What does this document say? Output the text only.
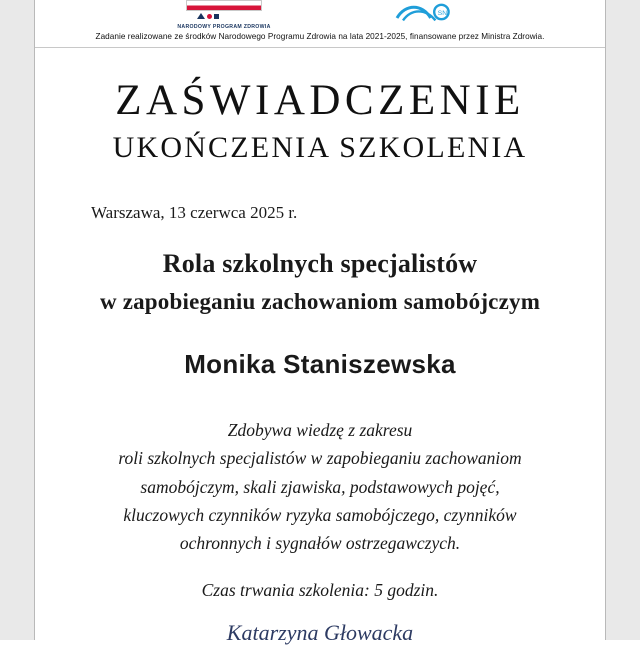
NARODOWY PROGRAM ZDROWIA
SN
Zadanie realizowane ze środków Narodowego Programu Zdrowia na lata 2021-2025, finansowane przez Ministra Zdrowia.
ZAŚWIADCZENIE
UKOŃCZENIA SZKOLENIA
Warszawa, 13 czerwca 2025 r.
Rola szkolnych specjalistów
w zapobieganiu zachowaniom samobójczym
Monika Staniszewska
Zdobywa wiedzę z zakresu
roli szkolnych specjalistów w zapobieganiu zachowaniom
samobójczym, skali zjawiska, podstawowych pojęć,
kluczowych czynników ryzyka samobójczego, czynników
ochronnych i sygnałów ostrzegawczych.
Czas trwania szkolenia: 5 godzin.
Katarzyna Głowacka
